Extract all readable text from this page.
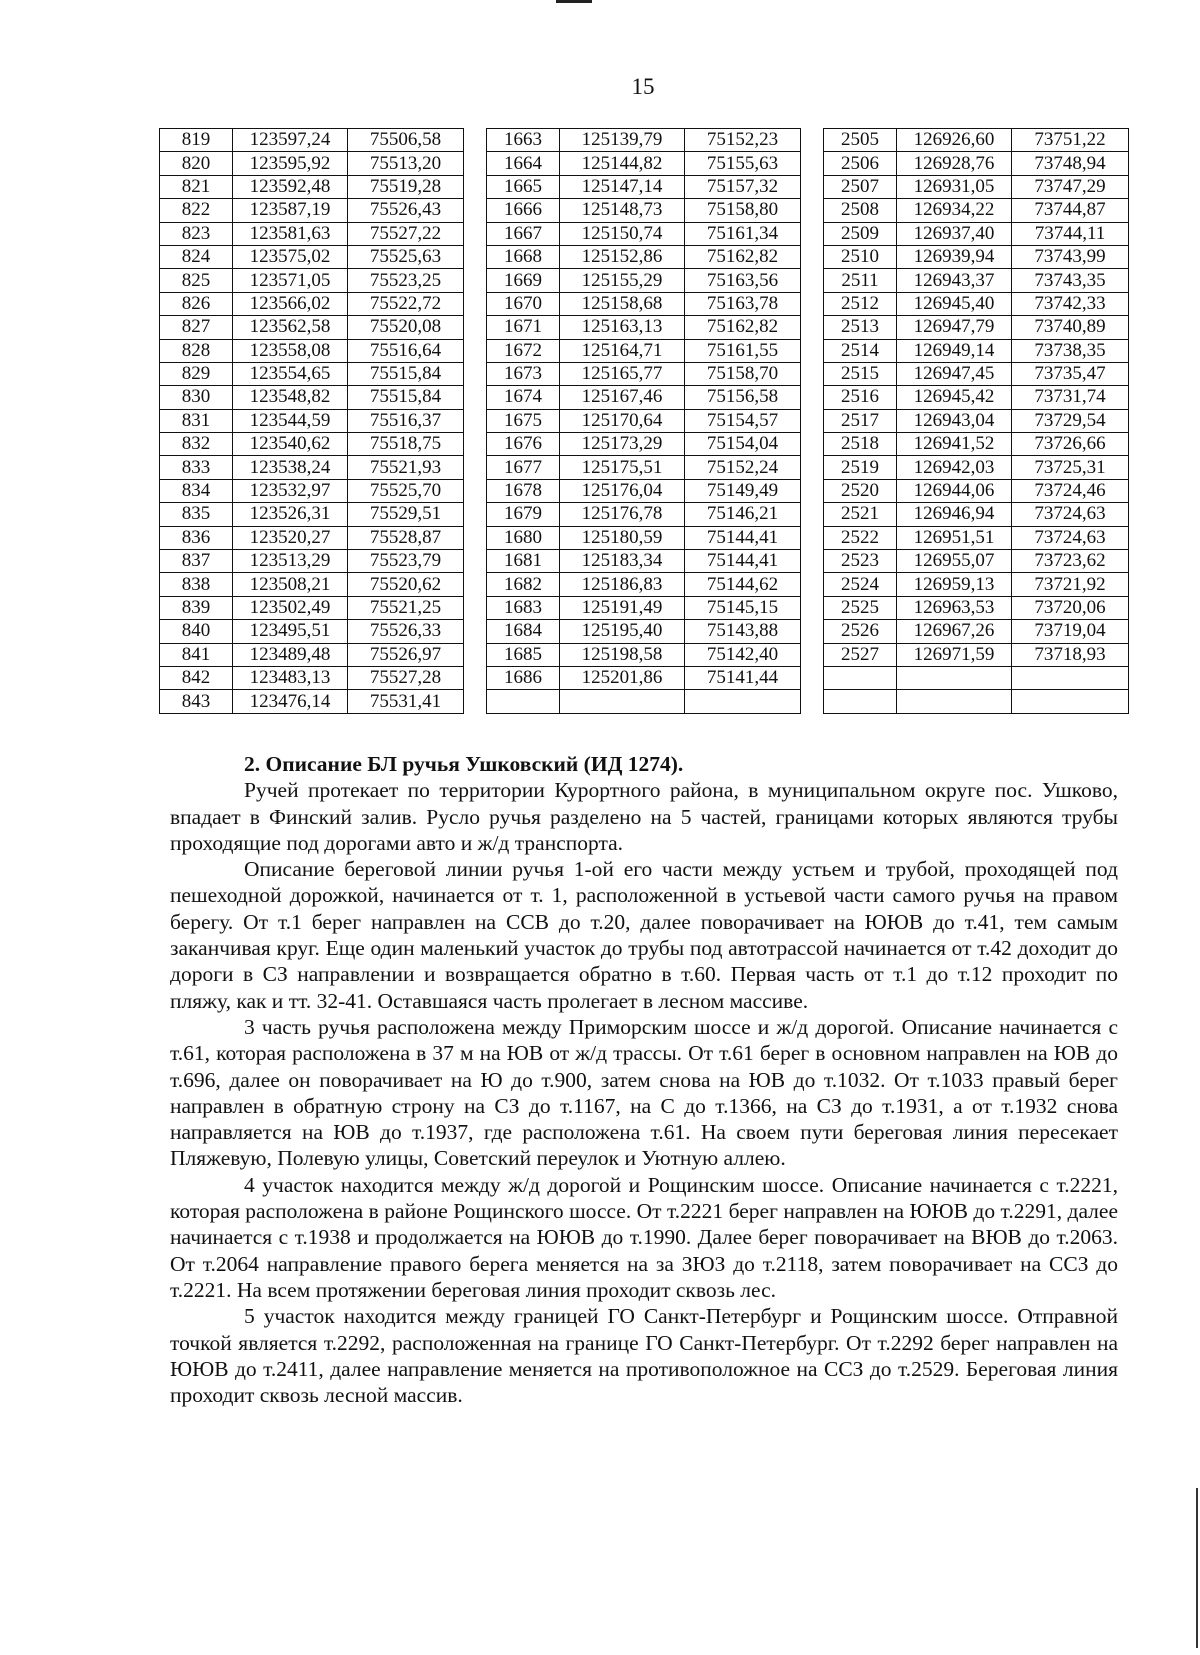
15
819	123597,24	75506,58		1663	125139,79	75152,23		2505	126926,60	73751,22
820	123595,92	75513,20		1664	125144,82	75155,63		2506	126928,76	73748,94
821	123592,48	75519,28		1665	125147,14	75157,32		2507	126931,05	73747,29
822	123587,19	75526,43		1666	125148,73	75158,80		2508	126934,22	73744,87
823	123581,63	75527,22		1667	125150,74	75161,34		2509	126937,40	73744,11
824	123575,02	75525,63		1668	125152,86	75162,82		2510	126939,94	73743,99
825	123571,05	75523,25		1669	125155,29	75163,56		2511	126943,37	73743,35
826	123566,02	75522,72		1670	125158,68	75163,78		2512	126945,40	73742,33
827	123562,58	75520,08		1671	125163,13	75162,82		2513	126947,79	73740,89
828	123558,08	75516,64		1672	125164,71	75161,55		2514	126949,14	73738,35
829	123554,65	75515,84		1673	125165,77	75158,70		2515	126947,45	73735,47
830	123548,82	75515,84		1674	125167,46	75156,58		2516	126945,42	73731,74
831	123544,59	75516,37		1675	125170,64	75154,57		2517	126943,04	73729,54
832	123540,62	75518,75		1676	125173,29	75154,04		2518	126941,52	73726,66
833	123538,24	75521,93		1677	125175,51	75152,24		2519	126942,03	73725,31
834	123532,97	75525,70		1678	125176,04	75149,49		2520	126944,06	73724,46
835	123526,31	75529,51		1679	125176,78	75146,21		2521	126946,94	73724,63
836	123520,27	75528,87		1680	125180,59	75144,41		2522	126951,51	73724,63
837	123513,29	75523,79		1681	125183,34	75144,41		2523	126955,07	73723,62
838	123508,21	75520,62		1682	125186,83	75144,62		2524	126959,13	73721,92
839	123502,49	75521,25		1683	125191,49	75145,15		2525	126963,53	73720,06
840	123495,51	75526,33		1684	125195,40	75143,88		2526	126967,26	73719,04
841	123489,48	75526,97		1685	125198,58	75142,40		2527	126971,59	73718,93
842	123483,13	75527,28		1686	125201,86	75141,44				
843	123476,14	75531,41								

2. Описание БЛ ручья Ушковский (ИД 1274).

Ручей протекает по территории Курортного района, в муниципальном округе пос. Ушково, впадает в Финский залив. Русло ручья разделено на 5 частей, границами которых являются трубы проходящие под дорогами авто и ж/д транспорта.

Описание береговой линии ручья 1-ой его части между устьем и трубой, проходящей под пешеходной дорожкой, начинается от т. 1, расположенной в устьевой части самого ручья на правом берегу. От т.1 берег направлен на ССВ до т.20, далее поворачивает на ЮЮВ до т.41, тем самым заканчивая круг. Еще один маленький участок до трубы под автотрассой начинается от т.42 доходит до дороги в СЗ направлении и возвращается обратно в т.60. Первая часть от т.1 до т.12 проходит по пляжу, как и тт. 32-41. Оставшаяся часть пролегает в лесном массиве.

3 часть ручья расположена между Приморским шоссе и ж/д дорогой. Описание начинается с т.61, которая расположена в 37 м на ЮВ от ж/д трассы. От т.61 берег в основном направлен на ЮВ до т.696, далее он поворачивает на Ю до т.900, затем снова на ЮВ до т.1032. От т.1033 правый берег направлен в обратную строну на СЗ до т.1167, на С до т.1366, на СЗ до т.1931, а от т.1932 снова направляется на ЮВ до т.1937, где расположена т.61. На своем пути береговая линия пересекает Пляжевую, Полевую улицы, Советский переулок и Уютную аллею.

4 участок находится между ж/д дорогой и Рощинским шоссе. Описание начинается с т.2221, которая расположена в районе Рощинского шоссе. От т.2221 берег направлен на ЮЮВ до т.2291, далее начинается с т.1938 и продолжается на ЮЮВ до т.1990. Далее берег поворачивает на ВЮВ до т.2063. От т.2064 направление правого берега меняется на за ЗЮЗ до т.2118, затем поворачивает на ССЗ до т.2221. На всем протяжении береговая линия проходит сквозь лес.

5 участок находится между границей ГО Санкт-Петербург и Рощинским шоссе. Отправной точкой является т.2292, расположенная на границе ГО Санкт-Петербург. От т.2292 берег направлен на ЮЮВ до т.2411, далее направление меняется на противоположное на ССЗ до т.2529. Береговая линия проходит сквозь лесной массив.
